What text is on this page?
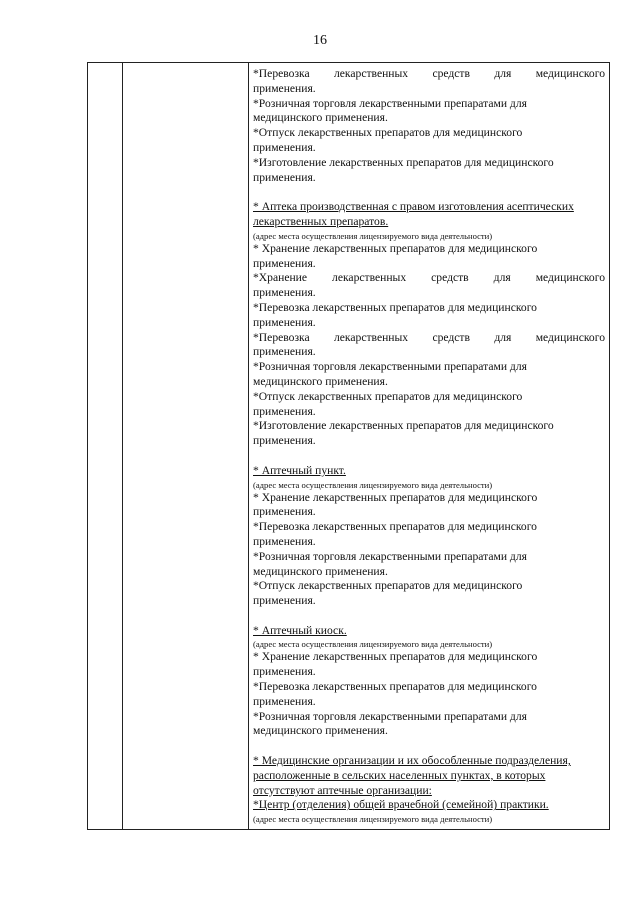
16

*Перевозка лекарственных средств для медицинского

применения.

*Розничная торговля лекарственными препаратами для

медицинского применения.

*Отпуск лекарственных препаратов для медицинского

применения.

*Изготовление лекарственных препаратов для медицинского

применения.

* Аптека производственная с правом изготовления асептических

лекарственных препаратов.

(адрес места осуществления лицензируемого вида деятельности)

* Хранение лекарственных препаратов для медицинского

применения.

*Хранение лекарственных средств для медицинского

применения.

*Перевозка лекарственных препаратов для медицинского

применения.

*Перевозка лекарственных средств для медицинского

применения.

*Розничная торговля лекарственными препаратами для

медицинского применения.

*Отпуск лекарственных препаратов для медицинского

применения.

*Изготовление лекарственных препаратов для медицинского

применения.

* Аптечный пункт.

(адрес места осуществления лицензируемого вида деятельности)

* Хранение лекарственных препаратов для медицинского

применения.

*Перевозка лекарственных препаратов для медицинского

применения.

*Розничная торговля лекарственными препаратами для

медицинского применения.

*Отпуск лекарственных препаратов для медицинского

применения.

* Аптечный киоск.

(адрес места осуществления лицензируемого вида деятельности)

* Хранение лекарственных препаратов для медицинского

применения.

*Перевозка лекарственных препаратов для медицинского

применения.

*Розничная торговля лекарственными препаратами для

медицинского применения.

* Медицинские организации и их обособленные подразделения,

расположенные в сельских населенных пунктах, в которых

отсутствуют аптечные организации:

*Центр (отделения) общей врачебной (семейной) практики.

(адрес места осуществления лицензируемого вида деятельности)
